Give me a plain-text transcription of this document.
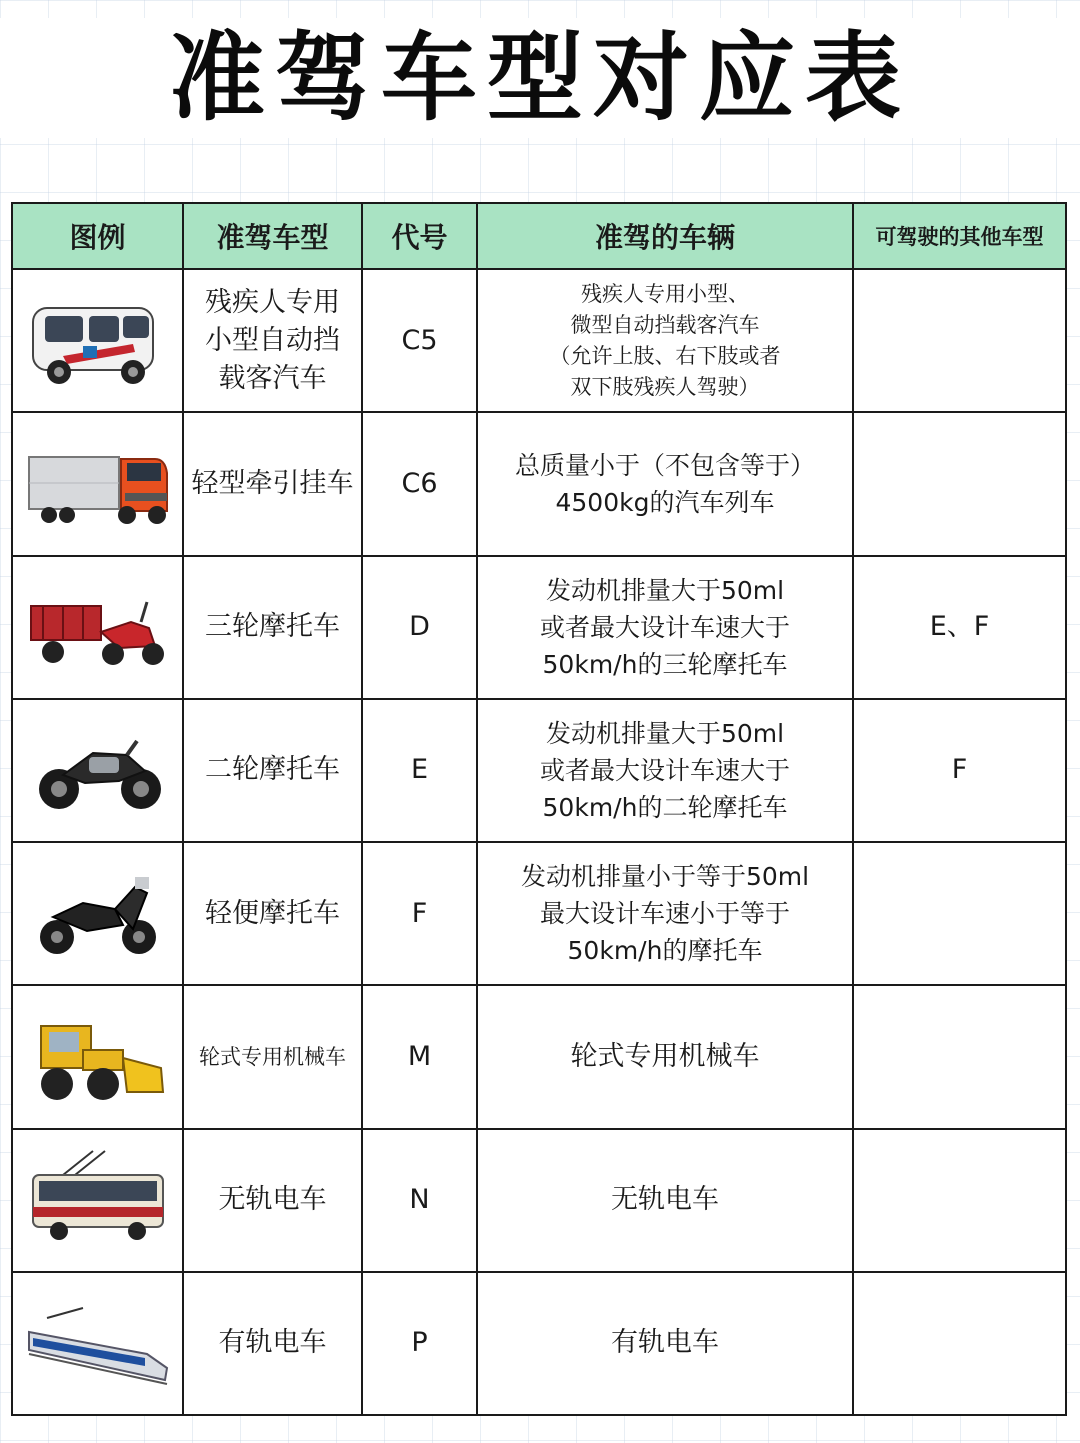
准驾车型对应表
图例	准驾车型	代号	准驾的车辆	可驾驶的其他车型

残疾人专用
小型自动挡
载客汽车	C5	残疾人专用小型、
微型自动挡载客汽车
（允许上肢、右下肢或者
双下肢残疾人驾驶）	

轻型牵引挂车	C6	总质量小于（不包含等于）
4500kg的汽车列车	

三轮摩托车	D	发动机排量大于50ml
或者最大设计车速大于
50km/h的三轮摩托车	E、F

二轮摩托车	E	发动机排量大于50ml
或者最大设计车速大于
50km/h的二轮摩托车	F

轻便摩托车	F	发动机排量小于等于50ml
最大设计车速小于等于
50km/h的摩托车	

轮式专用机械车	M	轮式专用机械车	

无轨电车	N	无轨电车	

有轨电车	P	有轨电车	
